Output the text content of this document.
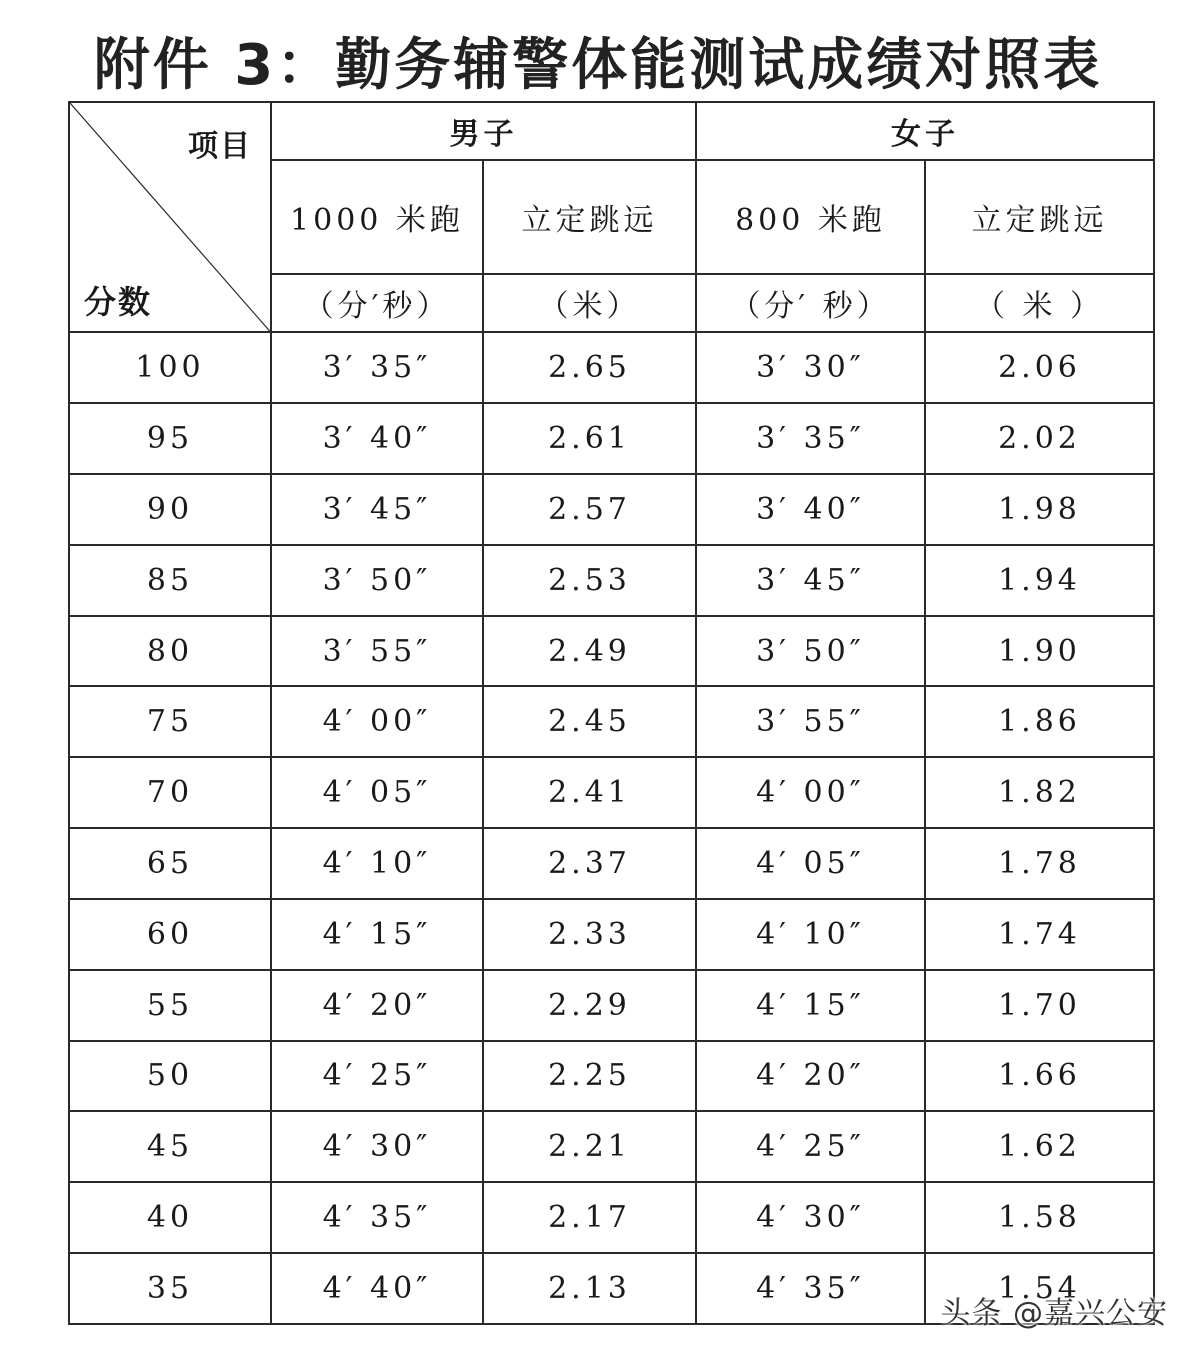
附件 3：勤务辅警体能测试成绩对照表
项目
分数	男子		女子	
	1000 米跑	立定跳远	800 米跑	立定跳远
	（分′秒）	（米）	（分′ 秒）	（ 米 ）
100	3′ 35″	2.65	3′ 30″	2.06
95	3′ 40″	2.61	3′ 35″	2.02
90	3′ 45″	2.57	3′ 40″	1.98
85	3′ 50″	2.53	3′ 45″	1.94
80	3′ 55″	2.49	3′ 50″	1.90
75	4′ 00″	2.45	3′ 55″	1.86
70	4′ 05″	2.41	4′ 00″	1.82
65	4′ 10″	2.37	4′ 05″	1.78
60	4′ 15″	2.33	4′ 10″	1.74
55	4′ 20″	2.29	4′ 15″	1.70
50	4′ 25″	2.25	4′ 20″	1.66
45	4′ 30″	2.21	4′ 25″	1.62
40	4′ 35″	2.17	4′ 30″	1.58
35	4′ 40″	2.13	4′ 35″	1.54
头条 @嘉兴公安
